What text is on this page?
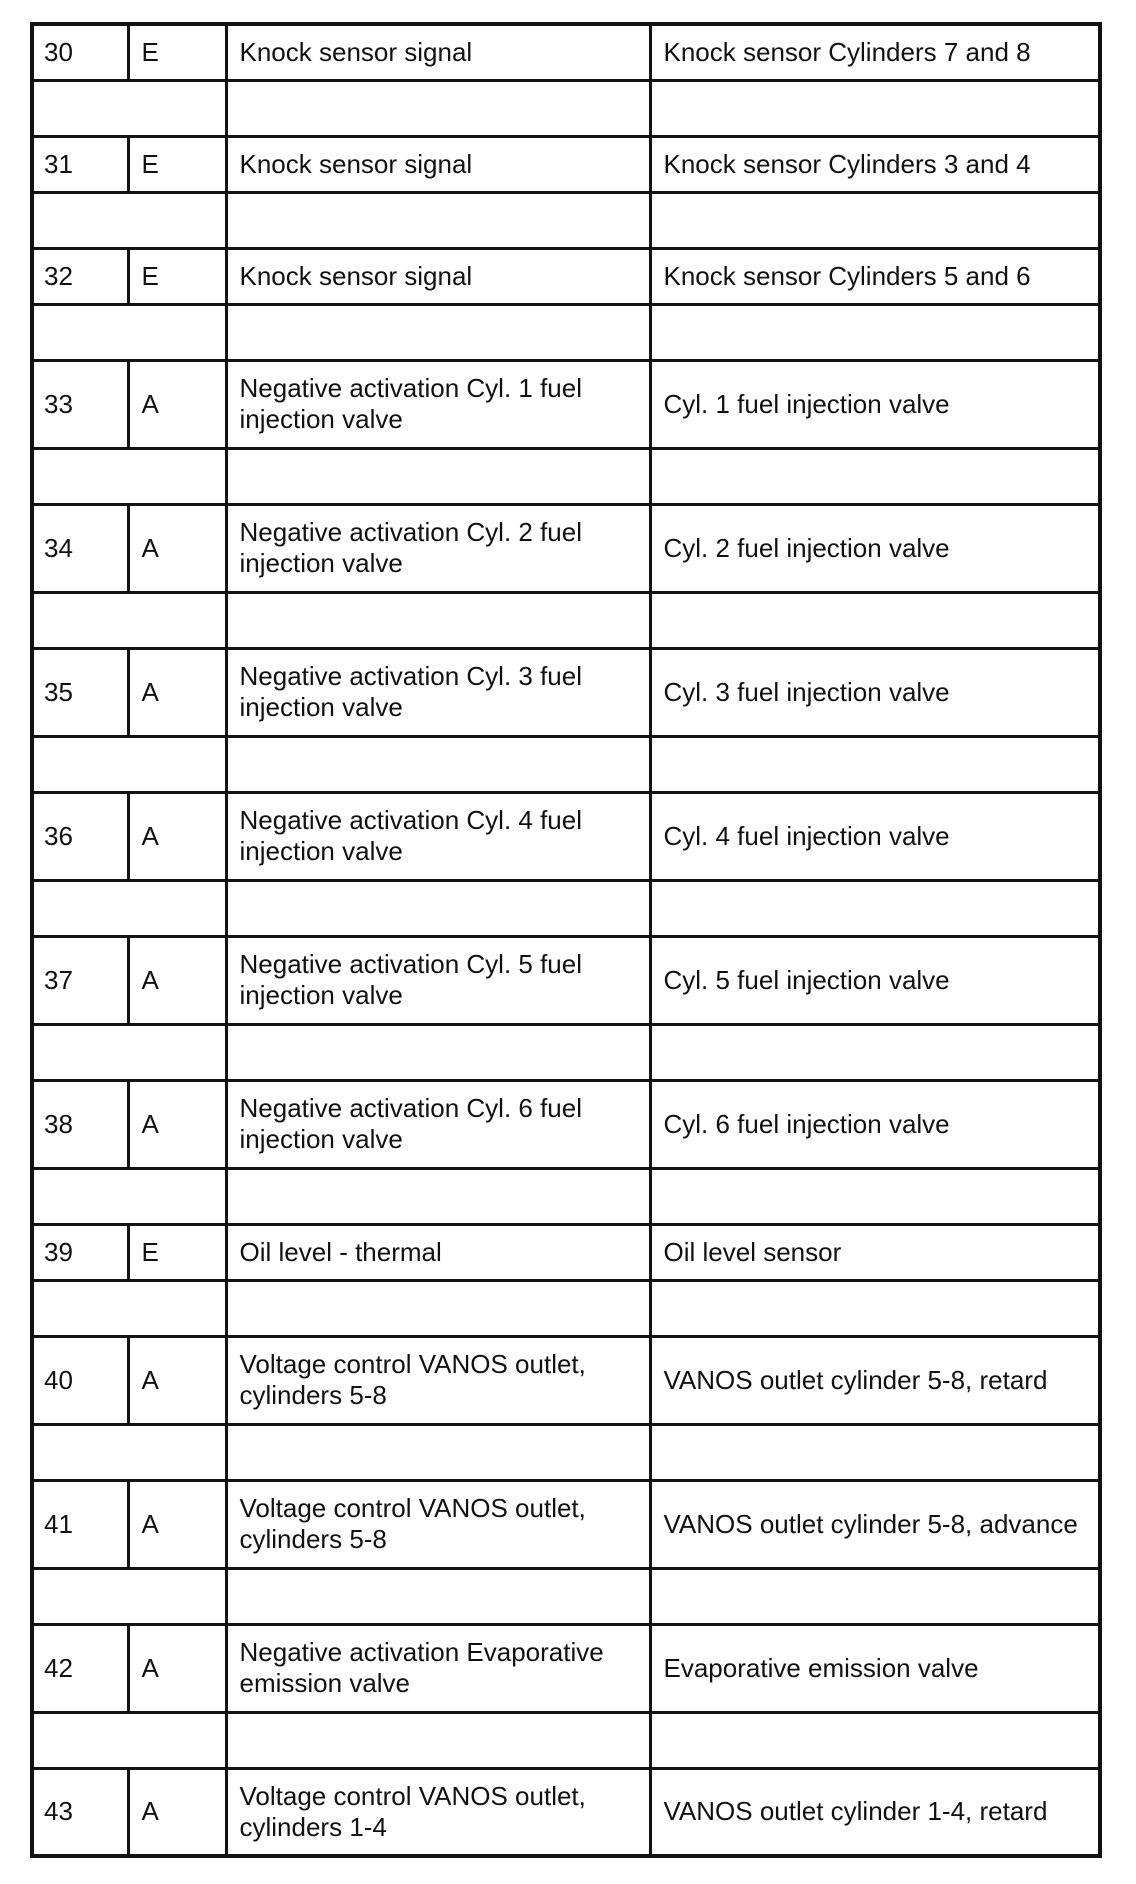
30	E	Knock sensor signal	Knock sensor Cylinders 7 and 8

31	E	Knock sensor signal	Knock sensor Cylinders 3 and 4

32	E	Knock sensor signal	Knock sensor Cylinders 5 and 6

33	A	Negative activation Cyl. 1 fuel injection valve	Cyl. 1 fuel injection valve

34	A	Negative activation Cyl. 2 fuel injection valve	Cyl. 2 fuel injection valve

35	A	Negative activation Cyl. 3 fuel injection valve	Cyl. 3 fuel injection valve

36	A	Negative activation Cyl. 4 fuel injection valve	Cyl. 4 fuel injection valve

37	A	Negative activation Cyl. 5 fuel injection valve	Cyl. 5 fuel injection valve

38	A	Negative activation Cyl. 6 fuel injection valve	Cyl. 6 fuel injection valve

39	E	Oil level - thermal	Oil level sensor

40	A	Voltage control VANOS outlet, cylinders 5-8	VANOS outlet cylinder 5-8, retard

41	A	Voltage control VANOS outlet, cylinders 5-8	VANOS outlet cylinder 5-8, advance

42	A	Negative activation Evaporative emission valve	Evaporative emission valve

43	A	Voltage control VANOS outlet, cylinders 1-4	VANOS outlet cylinder 1-4, retard
